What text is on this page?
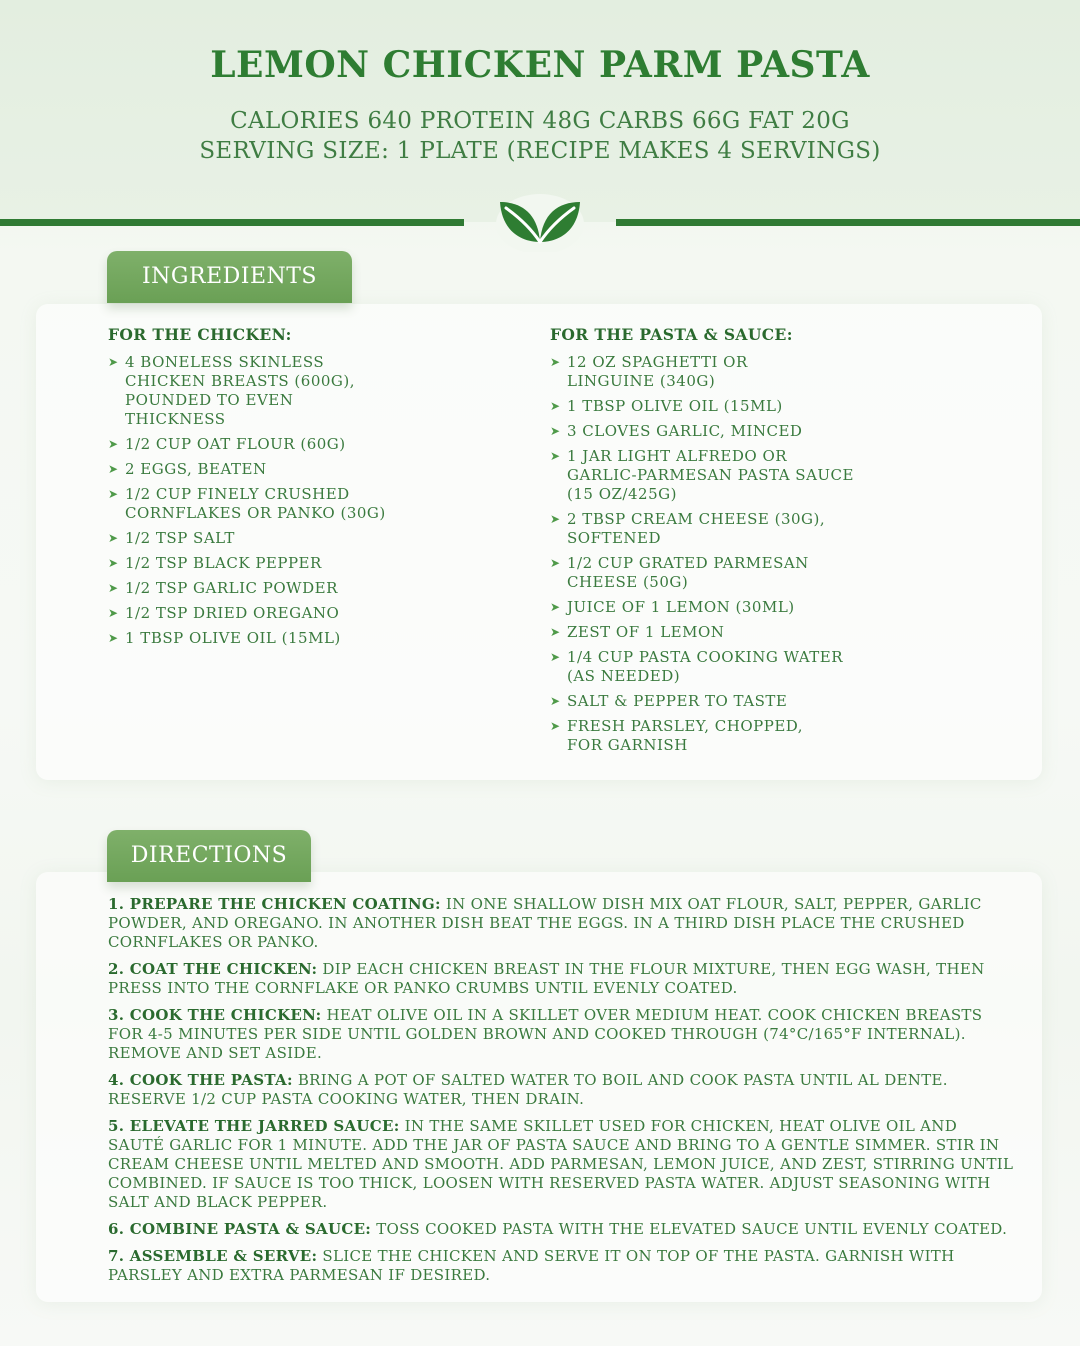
LEMON CHICKEN PARM PASTA
CALORIES 640 PROTEIN 48G CARBS 66G FAT 20G
SERVING SIZE: 1 PLATE (RECIPE MAKES 4 SERVINGS)
INGREDIENTS
FOR THE CHICKEN:
➤ 4 BONELESS SKINLESS
CHICKEN BREASTS (600G),
POUNDED TO EVEN
THICKNESS
➤ 1/2 CUP OAT FLOUR (60G)
➤ 2 EGGS, BEATEN
➤ 1/2 CUP FINELY CRUSHED
CORNFLAKES OR PANKO (30G)
➤ 1/2 TSP SALT
➤ 1/2 TSP BLACK PEPPER
➤ 1/2 TSP GARLIC POWDER
➤ 1/2 TSP DRIED OREGANO
➤ 1 TBSP OLIVE OIL (15ML)
FOR THE PASTA & SAUCE:
➤ 12 OZ SPAGHETTI OR
LINGUINE (340G)
➤ 1 TBSP OLIVE OIL (15ML)
➤ 3 CLOVES GARLIC, MINCED
➤ 1 JAR LIGHT ALFREDO OR
GARLIC-PARMESAN PASTA SAUCE
(15 OZ/425G)
➤ 2 TBSP CREAM CHEESE (30G),
SOFTENED
➤ 1/2 CUP GRATED PARMESAN
CHEESE (50G)
➤ JUICE OF 1 LEMON (30ML)
➤ ZEST OF 1 LEMON
➤ 1/4 CUP PASTA COOKING WATER
(AS NEEDED)
➤ SALT & PEPPER TO TASTE
➤ FRESH PARSLEY, CHOPPED,
FOR GARNISH
DIRECTIONS

1. PREPARE THE CHICKEN COATING: IN ONE SHALLOW DISH MIX OAT FLOUR, SALT, PEPPER, GARLIC POWDER, AND OREGANO. IN ANOTHER DISH BEAT THE EGGS. IN A THIRD DISH PLACE THE CRUSHED CORNFLAKES OR PANKO.

2. COAT THE CHICKEN: DIP EACH CHICKEN BREAST IN THE FLOUR MIXTURE, THEN EGG WASH, THEN PRESS INTO THE CORNFLAKE OR PANKO CRUMBS UNTIL EVENLY COATED.

3. COOK THE CHICKEN: HEAT OLIVE OIL IN A SKILLET OVER MEDIUM HEAT. COOK CHICKEN BREASTS FOR 4-5 MINUTES PER SIDE UNTIL GOLDEN BROWN AND COOKED THROUGH (74°C/165°F INTERNAL). REMOVE AND SET ASIDE.

4. COOK THE PASTA: BRING A POT OF SALTED WATER TO BOIL AND COOK PASTA UNTIL AL DENTE. RESERVE 1/2 CUP PASTA COOKING WATER, THEN DRAIN.

5. ELEVATE THE JARRED SAUCE: IN THE SAME SKILLET USED FOR CHICKEN, HEAT OLIVE OIL AND SAUTÉ GARLIC FOR 1 MINUTE. ADD THE JAR OF PASTA SAUCE AND BRING TO A GENTLE SIMMER. STIR IN CREAM CHEESE UNTIL MELTED AND SMOOTH. ADD PARMESAN, LEMON JUICE, AND ZEST, STIRRING UNTIL COMBINED. IF SAUCE IS TOO THICK, LOOSEN WITH RESERVED PASTA WATER. ADJUST SEASONING WITH SALT AND BLACK PEPPER.

6. COMBINE PASTA & SAUCE: TOSS COOKED PASTA WITH THE ELEVATED SAUCE UNTIL EVENLY COATED.

7. ASSEMBLE & SERVE: SLICE THE CHICKEN AND SERVE IT ON TOP OF THE PASTA. GARNISH WITH PARSLEY AND EXTRA PARMESAN IF DESIRED.
